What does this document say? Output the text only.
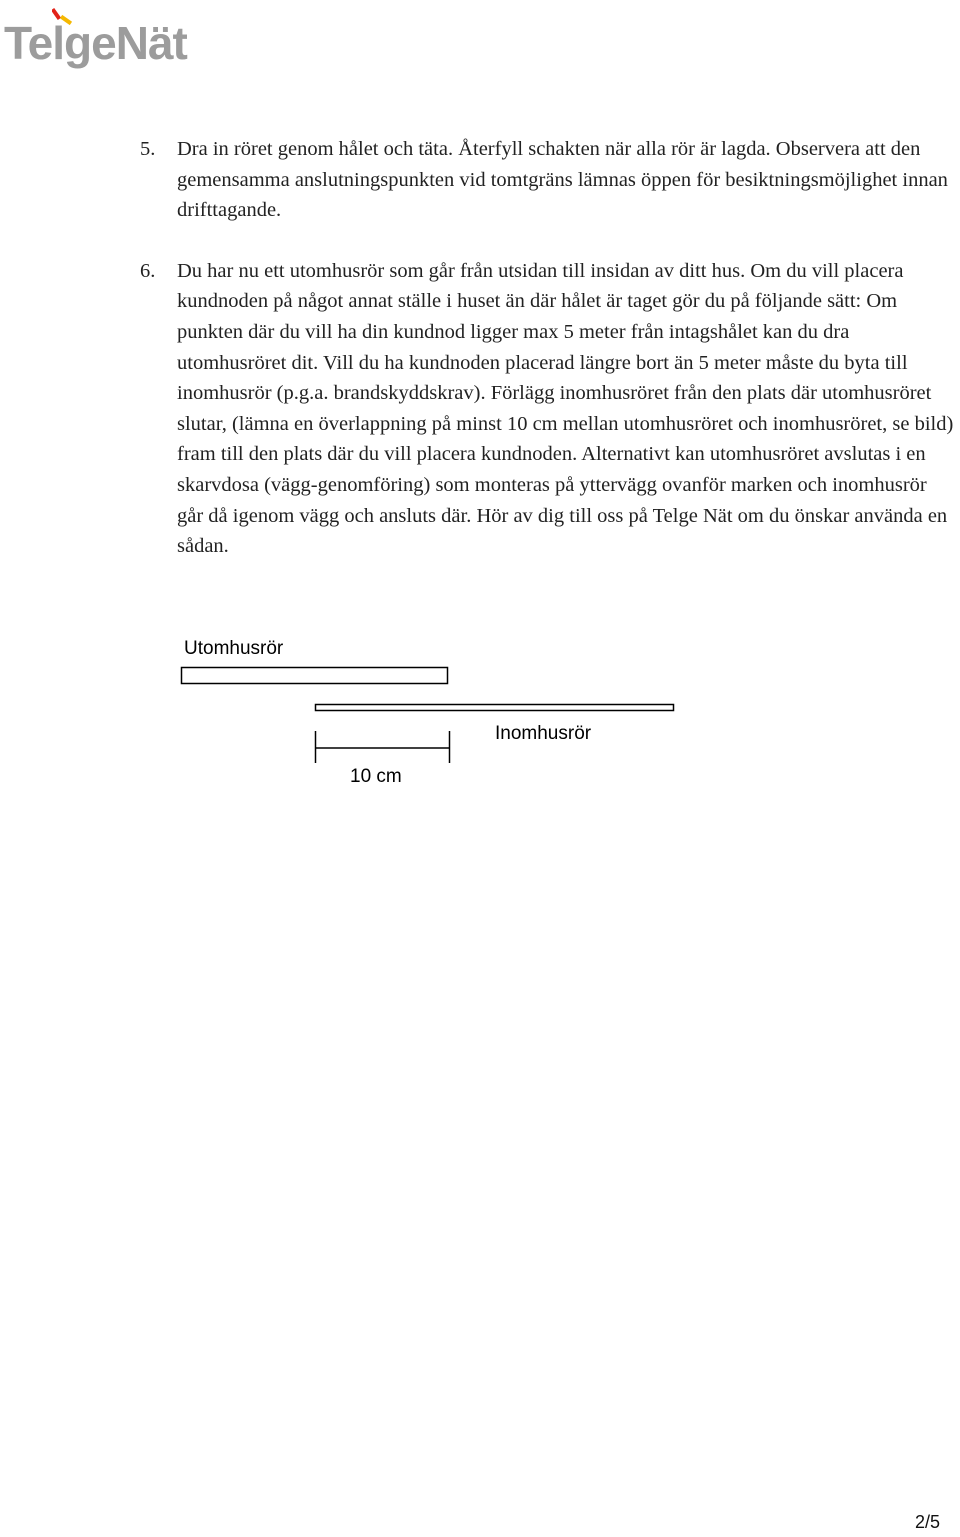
TelgeNät
5.	Dra in röret genom hålet och täta. Återfyll schakten när alla rör är lagda. Observera att den gemensamma anslutningspunkten vid tomtgräns lämnas öppen för besiktningsmöjlighet innan drifttagande.
6.	Du har nu ett utomhusrör som går från utsidan till insidan av ditt hus. Om du vill placera kundnoden på något annat ställe i huset än där hålet är taget gör du på följande sätt: Om punkten där du vill ha din kundnod ligger max 5 meter från intagshålet kan du dra utomhusröret dit. Vill du ha kundnoden placerad längre bort än 5 meter måste du byta till inomhusrör (p.g.a. brandskyddskrav). Förlägg inomhusröret från den plats där utomhusröret slutar, (lämna en överlappning på minst 10 cm mellan utomhusröret och inomhusröret, se bild) fram till den plats där du vill placera kundnoden. Alternativt kan utomhusröret avslutas i en skarvdosa (vägg-genomföring) som monteras på yttervägg ovanför marken och inomhusrör går då igenom vägg och ansluts där. Hör av dig till oss på Telge Nät om du önskar använda en sådan.
Utomhusrör
Inomhusrör
10 cm
2/5
